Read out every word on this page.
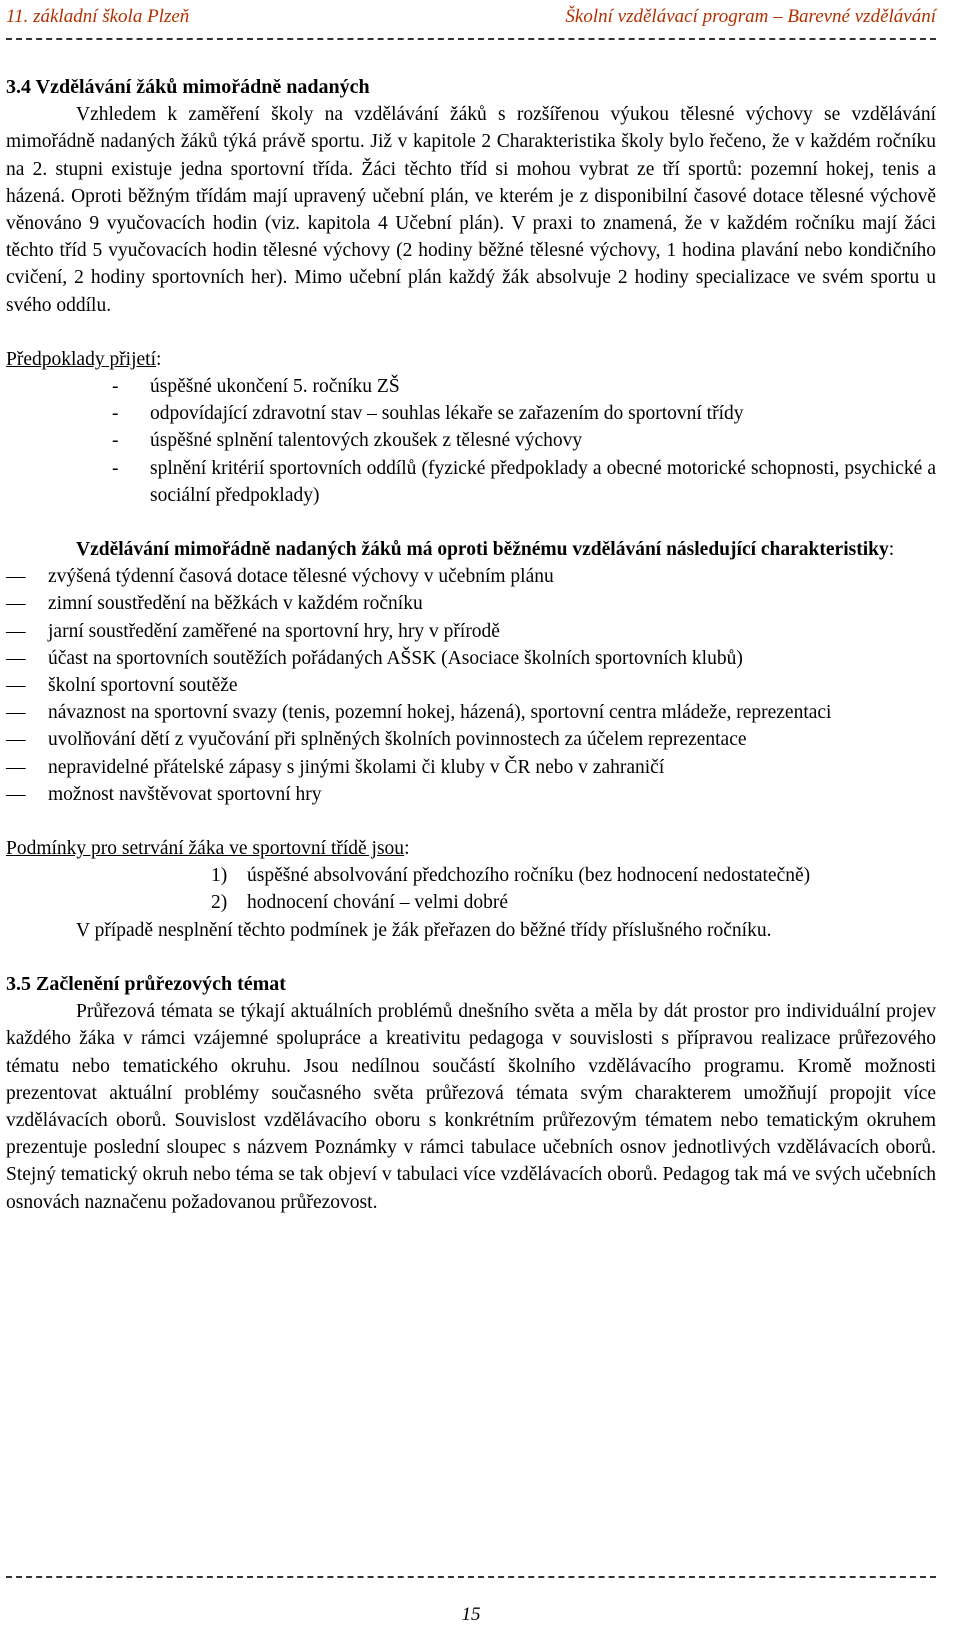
11. základní škola Plzeň	Školní vzdělávací program – Barevné vzdělávání

3.4 Vzdělávání žáků mimořádně nadaných

Vzhledem k zaměření školy na vzdělávání žáků s rozšířenou výukou tělesné výchovy se vzdělávání mimořádně nadaných žáků týká právě sportu. Již v kapitole 2 Charakteristika školy bylo řečeno, že v každém ročníku na 2. stupni existuje jedna sportovní třída. Žáci těchto tříd si mohou vybrat ze tří sportů: pozemní hokej, tenis a házená. Oproti běžným třídám mají upravený učební plán, ve kterém je z disponibilní časové dotace tělesné výchově věnováno 9 vyučovacích hodin (viz. kapitola 4 Učební plán). V praxi to znamená, že v každém ročníku mají žáci těchto tříd 5 vyučovacích hodin tělesné výchovy (2 hodiny běžné tělesné výchovy, 1 hodina plavání nebo kondičního cvičení, 2 hodiny sportovních her). Mimo učební plán každý žák absolvuje 2 hodiny specializace ve svém sportu u svého oddílu.

Předpoklady přijetí:

- úspěšné ukončení 5. ročníku ZŠ
- odpovídající zdravotní stav – souhlas lékaře se zařazením do sportovní třídy
- úspěšné splnění talentových zkoušek z tělesné výchovy
- splnění kritérií sportovních oddílů (fyzické předpoklady a obecné motorické schopnosti, psychické a sociální předpoklady)

Vzdělávání mimořádně nadaných žáků má oproti běžnému vzdělávání následující charakteristiky:

— zvýšená týdenní časová dotace tělesné výchovy v učebním plánu
— zimní soustředění na běžkách v každém ročníku
— jarní soustředění zaměřené na sportovní hry, hry v přírodě
— účast na sportovních soutěžích pořádaných AŠSK (Asociace školních sportovních klubů)
— školní sportovní soutěže
— návaznost na sportovní svazy (tenis, pozemní hokej, házená), sportovní centra mládeže, reprezentaci
— uvolňování dětí z vyučování při splněných školních povinnostech za účelem reprezentace
— nepravidelné přátelské zápasy s jinými školami či kluby v ČR nebo v zahraničí
— možnost navštěvovat sportovní hry

Podmínky pro setrvání žáka ve sportovní třídě jsou:

1) úspěšné absolvování předchozího ročníku (bez hodnocení nedostatečně)
2) hodnocení chování – velmi dobré

V případě nesplnění těchto podmínek je žák přeřazen do běžné třídy příslušného ročníku.

3.5 Začlenění průřezových témat

Průřezová témata se týkají aktuálních problémů dnešního světa a měla by dát prostor pro individuální projev každého žáka v rámci vzájemné spolupráce a kreativitu pedagoga v souvislosti s přípravou realizace průřezového tématu nebo tematického okruhu. Jsou nedílnou součástí školního vzdělávacího programu. Kromě možnosti prezentovat aktuální problémy současného světa průřezová témata svým charakterem umožňují propojit více vzdělávacích oborů. Souvislost vzdělávacího oboru s konkrétním průřezovým tématem nebo tematickým okruhem prezentuje poslední sloupec s názvem Poznámky v rámci tabulace učebních osnov jednotlivých vzdělávacích oborů. Stejný tematický okruh nebo téma se tak objeví v tabulaci více vzdělávacích oborů. Pedagog tak má ve svých učebních osnovách naznačenu požadovanou průřezovost.

15
